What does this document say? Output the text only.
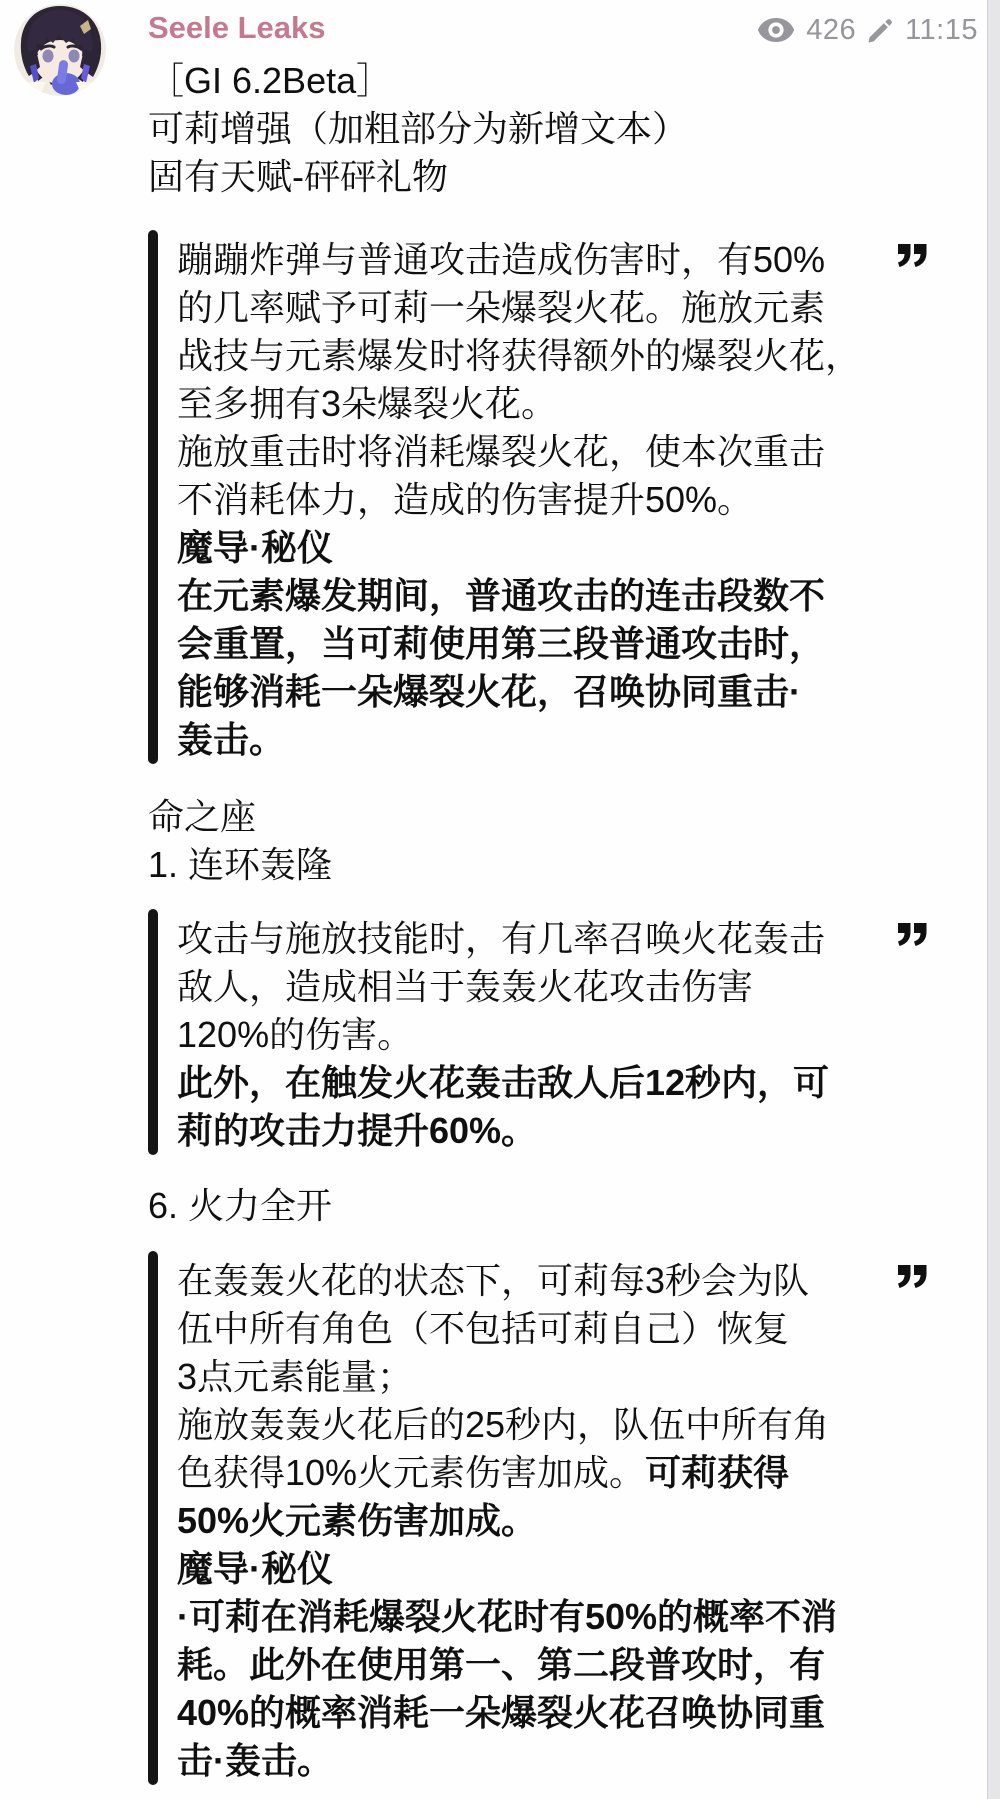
Seele Leaks	426 11:15
［GI 6.2Beta］
可莉增强（加粗部分为新增文本）
固有天赋-砰砰礼物
蹦蹦炸弹与普通攻击造成伤害时，有50%
的几率赋予可莉一朵爆裂火花。施放元素
战技与元素爆发时将获得额外的爆裂火花，
至多拥有3朵爆裂火花。
施放重击时将消耗爆裂火花，使本次重击
不消耗体力，造成的伤害提升50%。
魔导·秘仪
在元素爆发期间，普通攻击的连击段数不
会重置，当可莉使用第三段普通攻击时，
能够消耗一朵爆裂火花，召唤协同重击·
轰击。
命之座
1. 连环轰隆
攻击与施放技能时，有几率召唤火花轰击
敌人，造成相当于轰轰火花攻击伤害
120%的伤害。
此外，在触发火花轰击敌人后12秒内，可
莉的攻击力提升60%。
6. 火力全开
在轰轰火花的状态下，可莉每3秒会为队
伍中所有角色（不包括可莉自己）恢复
3点元素能量；
施放轰轰火花后的25秒内，队伍中所有角
色获得10%火元素伤害加成。可莉获得
50%火元素伤害加成。
魔导·秘仪
·可莉在消耗爆裂火花时有50%的概率不消
耗。此外在使用第一、第二段普攻时，有
40%的概率消耗一朵爆裂火花召唤协同重
击·轰击。
